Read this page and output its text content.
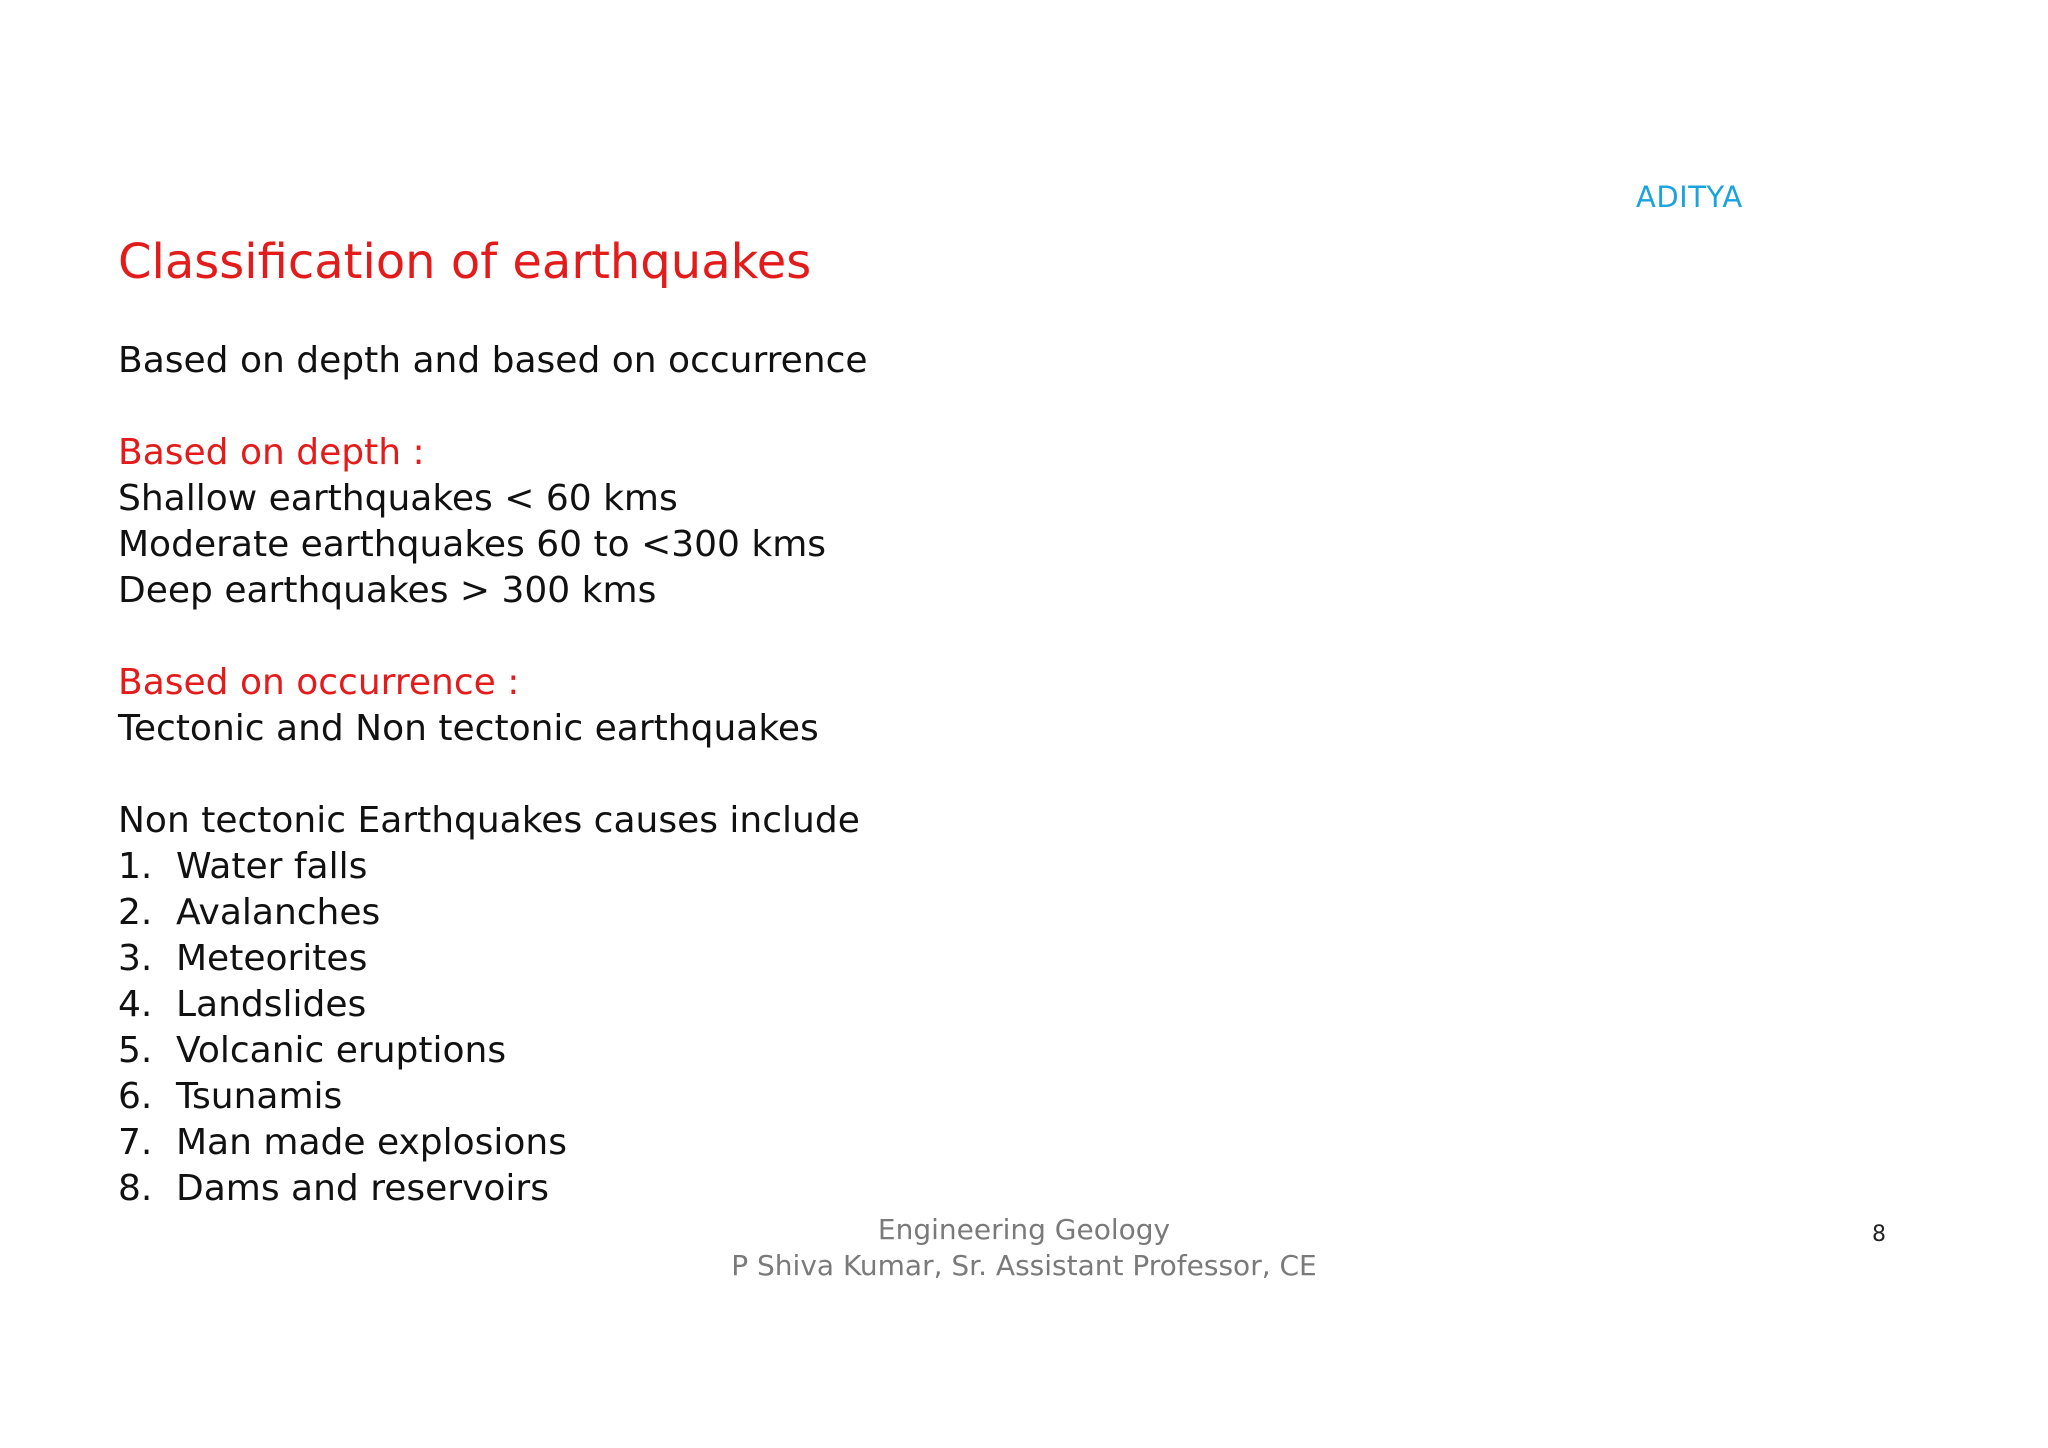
ADITYA
Classification of earthquakes
Based on depth and based on occurrence
Based on depth :
Shallow earthquakes < 60 kms
Moderate earthquakes 60 to <300 kms
Deep earthquakes > 300 kms
Based on occurrence :
Tectonic and Non tectonic earthquakes
Non tectonic Earthquakes causes include
1. Water falls
2. Avalanches
3. Meteorites
4. Landslides
5. Volcanic eruptions
6. Tsunamis
7. Man made explosions
8. Dams and reservoirs
Engineering Geology
P Shiva Kumar, Sr. Assistant Professor, CE
8
